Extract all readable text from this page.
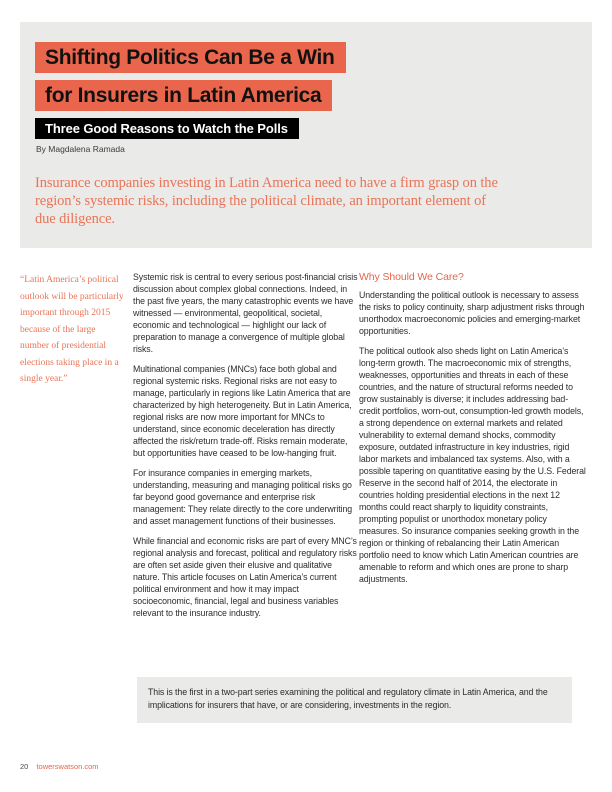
Shifting Politics Can Be a Win
for Insurers in Latin America
Three Good Reasons to Watch the Polls
By Magdalena Ramada
Insurance companies investing in Latin America need to have a firm grasp on the region’s systemic risks, including the political climate, an important element of due diligence.
“Latin America’s political outlook will be particularly important through 2015 because of the large number of presidential elections taking place in a single year.”

Systemic risk is central to every serious post-financial crisis discussion about complex global connections. Indeed, in the past five years, the many catastrophic events we have witnessed — environmental, geopolitical, societal, economic and technological — highlight our lack of preparation to manage a convergence of multiple global risks.

Multinational companies (MNCs) face both global and regional systemic risks. Regional risks are not easy to manage, particularly in regions like Latin America that are characterized by high heterogeneity. But in Latin America, regional risks are now more important for MNCs to understand, since economic deceleration has directly affected the risk/return trade-off. Risks remain moderate, but opportunities have ceased to be low-hanging fruit.

For insurance companies in emerging markets, understanding, measuring and managing political risks go far beyond good governance and enterprise risk management: They relate directly to the core underwriting and asset management functions of their businesses.

While financial and economic risks are part of every MNC’s regional analysis and forecast, political and regulatory risks are often set aside given their elusive and qualitative nature. This article focuses on Latin America’s current political environment and how it may impact socioeconomic, financial, legal and business variables relevant to the insurance industry.

Why Should We Care?

Understanding the political outlook is necessary to assess the risks to policy continuity, sharp adjustment risks through unorthodox macroeconomic policies and emerging-market opportunities.

The political outlook also sheds light on Latin America’s long-term growth. The macroeconomic mix of strengths, weaknesses, opportunities and threats in each of these countries, and the nature of structural reforms needed to grow sustainably is diverse; it includes addressing bad-credit portfolios, worn-out, consumption-led growth models, a strong dependence on external markets and related vulnerability to external demand shocks, commodity exposure, outdated infrastructure in key industries, rigid labor markets and imbalanced tax systems. Also, with a possible tapering on quantitative easing by the U.S. Federal Reserve in the second half of 2014, the electorate in countries holding presidential elections in the next 12 months could react sharply to liquidity constraints, prompting populist or unorthodox monetary policy measures. So insurance companies seeking growth in the region or thinking of rebalancing their Latin American portfolio need to know which Latin American countries are amenable to reform and which ones are prone to sharp adjustments.

This is the first in a two-part series examining the political and regulatory climate in Latin America, and the implications for insurers that have, or are considering, investments in the region.
20 towerswatson.com
